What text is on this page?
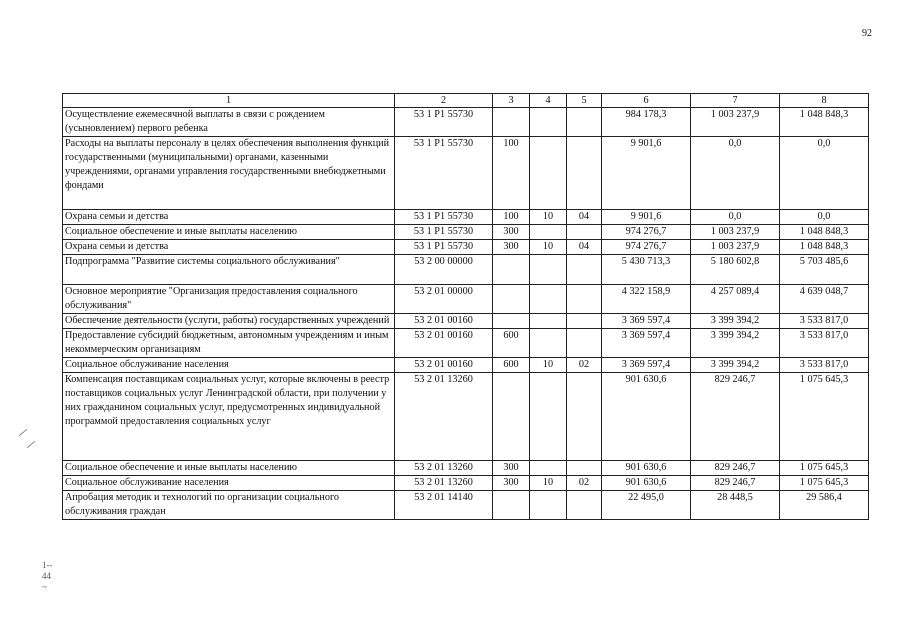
92
1	2	3	4	5	6	7	8
Осуществление ежемесячной выплаты в связи с рождением (усыновлением) первого ребенка	53 1 P1 55730				984 178,3	1 003 237,9	1 048 848,3
Расходы на выплаты персоналу в целях обеспечения выполнения функций государственными (муниципальными) органами, казенными учреждениями, органами управления государственными внебюджетными фондами	53 1 P1 55730	100			9 901,6	0,0	0,0
Охрана семьи и детства	53 1 P1 55730	100	10	04	9 901,6	0,0	0,0
Социальное обеспечение и иные выплаты населению	53 1 P1 55730	300			974 276,7	1 003 237,9	1 048 848,3
Охрана семьи и детства	53 1 P1 55730	300	10	04	974 276,7	1 003 237,9	1 048 848,3
Подпрограмма "Развитие системы социального обслуживания"	53 2 00 00000				5 430 713,3	5 180 602,8	5 703 485,6
Основное мероприятие "Организация предоставления социального обслуживания"	53 2 01 00000				4 322 158,9	4 257 089,4	4 639 048,7
Обеспечение деятельности (услуги, работы) государственных учреждений	53 2 01 00160				3 369 597,4	3 399 394,2	3 533 817,0
Предоставление субсидий бюджетным, автономным учреждениям и иным некоммерческим организациям	53 2 01 00160	600			3 369 597,4	3 399 394,2	3 533 817,0
Социальное обслуживание населения	53 2 01 00160	600	10	02	3 369 597,4	3 399 394,2	3 533 817,0
Компенсация поставщикам социальных услуг, которые включены в реестр поставщиков социальных услуг Ленинградской области, при получении у них гражданином социальных услуг, предусмотренных индивидуальной программой предоставления социальных услуг	53 2 01 13260				901 630,6	829 246,7	1 075 645,3
Социальное обеспечение и иные выплаты населению	53 2 01 13260	300			901 630,6	829 246,7	1 075 645,3
Социальное обслуживание населения	53 2 01 13260	300	10	02	901 630,6	829 246,7	1 075 645,3
Апробация методик и технологий по организации социального обслуживания граждан	53 2 01 14140				22 495,0	28 448,5	29 586,4
1--
44
~
